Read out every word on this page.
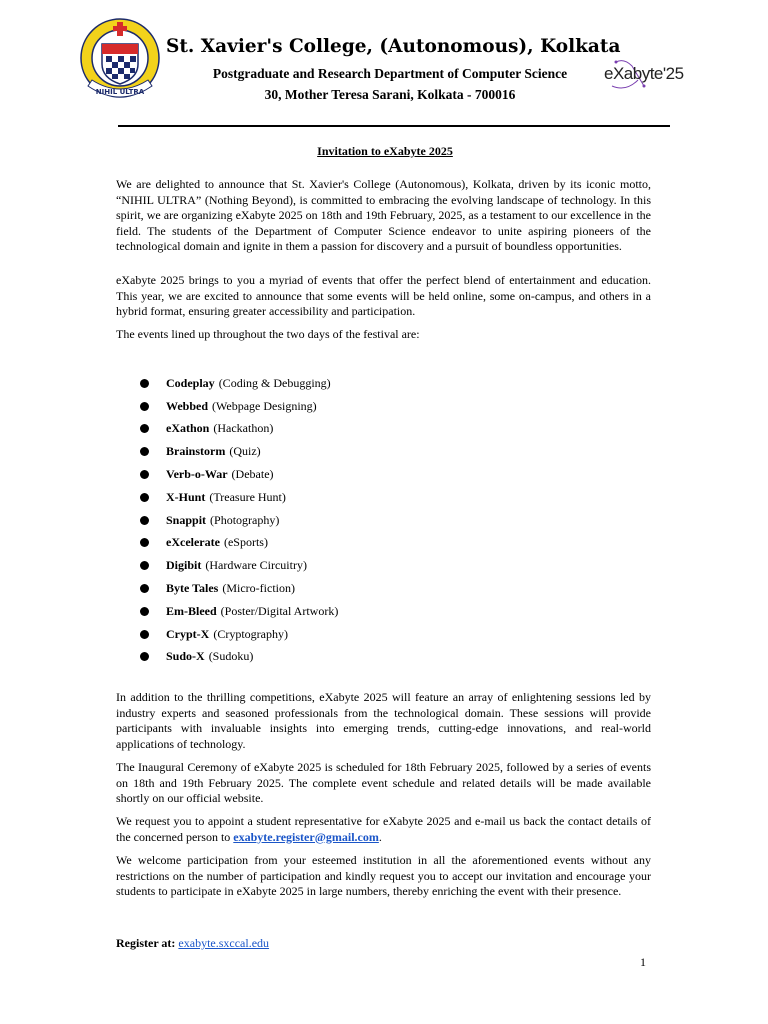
NIHIL ULTRA
St. Xavier's College, (Autonomous), Kolkata
Postgraduate and Research Department of Computer Science
30, Mother Teresa Sarani, Kolkata - 700016
eXabyte'25
Invitation to eXabyte 2025
We are delighted to announce that St. Xavier's College (Autonomous), Kolkata, driven by its iconic motto, “NIHIL ULTRA” (Nothing Beyond), is committed to embracing the evolving landscape of technology. In this spirit, we are organizing eXabyte 2025 on 18th and 19th February, 2025, as a testament to our excellence in the field. The students of the Department of Computer Science endeavor to unite aspiring pioneers of the technological domain and ignite in them a passion for discovery and a pursuit of boundless opportunities.
eXabyte 2025 brings to you a myriad of events that offer the perfect blend of entertainment and education. This year, we are excited to announce that some events will be held online, some on-campus, and others in a hybrid format, ensuring greater accessibility and participation.
The events lined up throughout the two days of the festival are:
Codeplay (Coding & Debugging)
Webbed (Webpage Designing)
eXathon (Hackathon)
Brainstorm (Quiz)
Verb-o-War (Debate)
X-Hunt (Treasure Hunt)
Snappit (Photography)
eXcelerate (eSports)
Digibit (Hardware Circuitry)
Byte Tales (Micro-fiction)
Em-Bleed (Poster/Digital Artwork)
Crypt-X (Cryptography)
Sudo-X (Sudoku)
In addition to the thrilling competitions, eXabyte 2025 will feature an array of enlightening sessions led by industry experts and seasoned professionals from the technological domain. These sessions will provide participants with invaluable insights into emerging trends, cutting-edge innovations, and real-world applications of technology.
The Inaugural Ceremony of eXabyte 2025 is scheduled for 18th February 2025, followed by a series of events on 18th and 19th February 2025. The complete event schedule and related details will be made available shortly on our official website.
We request you to appoint a student representative for eXabyte 2025 and e-mail us back the contact details of the concerned person to exabyte.register@gmail.com.
We welcome participation from your esteemed institution in all the aforementioned events without any restrictions on the number of participation and kindly request you to accept our invitation and encourage your students to participate in eXabyte 2025 in large numbers, thereby enriching the event with their presence.
Register at: exabyte.sxccal.edu
1
